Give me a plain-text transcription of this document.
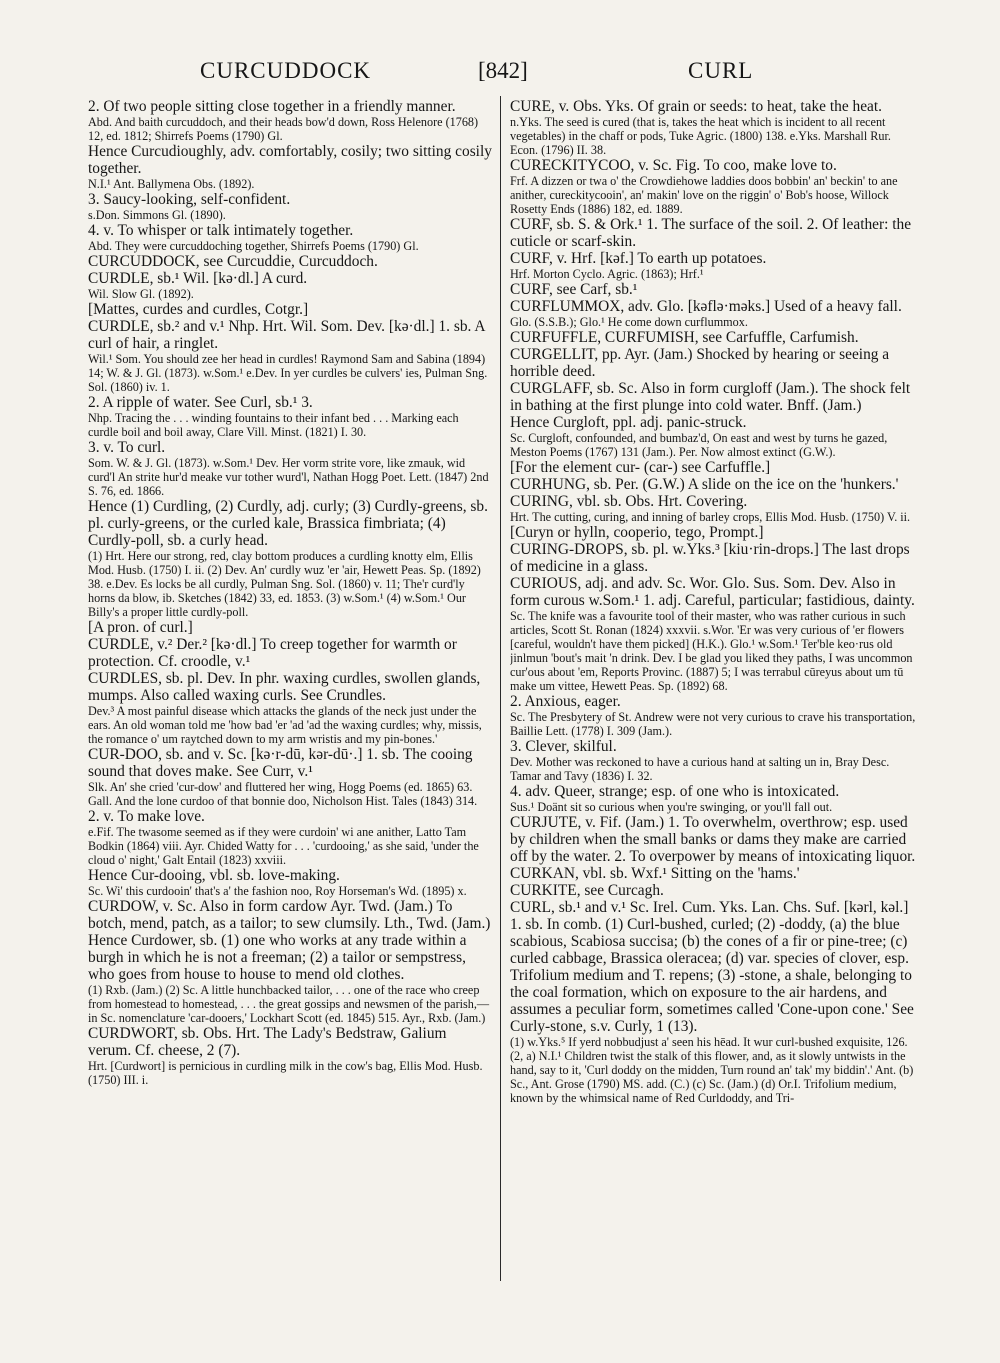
CURCUDDOCK	[842]	CURL

2. Of two people sitting close together in a friendly manner.

Abd. And baith curcuddoch, and their heads bow'd down, Ross Helenore (1768) 12, ed. 1812; Shirrefs Poems (1790) Gl.

Hence Curcudioughly, adv. comfortably, cosily; two sitting cosily together.

N.I.¹ Ant. Ballymena Obs. (1892).

3. Saucy-looking, self-confident.

s.Don. Simmons Gl. (1890).

4. v. To whisper or talk intimately together.

Abd. They were curcuddoching together, Shirrefs Poems (1790) Gl.

CURCUDDOCK, see Curcuddie, Curcuddoch.

CURDLE, sb.¹ Wil. [kə·dl.] A curd.

Wil. Slow Gl. (1892).

[Mattes, curdes and curdles, Cotgr.]

CURDLE, sb.² and v.¹ Nhp. Hrt. Wil. Som. Dev. [kə·dl.] 1. sb. A curl of hair, a ringlet.

Wil.¹ Som. You should zee her head in curdles! Raymond Sam and Sabina (1894) 14; W. & J. Gl. (1873). w.Som.¹ e.Dev. In yer curdles be culvers' ies, Pulman Sng. Sol. (1860) iv. 1.

2. A ripple of water. See Curl, sb.¹ 3.

Nhp. Tracing the . . . winding fountains to their infant bed . . . Marking each curdle boil and boil away, Clare Vill. Minst. (1821) I. 30.

3. v. To curl.

Som. W. & J. Gl. (1873). w.Som.¹ Dev. Her vorm strite vore, like zmauk, wid curd'l An strite hur'd meake vur tother wurd'l, Nathan Hogg Poet. Lett. (1847) 2nd S. 76, ed. 1866.

Hence (1) Curdling, (2) Curdly, adj. curly; (3) Curdly-greens, sb. pl. curly-greens, or the curled kale, Brassica fimbriata; (4) Curdly-poll, sb. a curly head.

(1) Hrt. Here our strong, red, clay bottom produces a curdling knotty elm, Ellis Mod. Husb. (1750) I. ii. (2) Dev. An' curdly wuz 'er 'air, Hewett Peas. Sp. (1892) 38. e.Dev. Es locks be all curdly, Pulman Sng. Sol. (1860) v. 11; The'r curd'ly horns da blow, ib. Sketches (1842) 33, ed. 1853. (3) w.Som.¹ (4) w.Som.¹ Our Billy's a proper little curdly-poll.

[A pron. of curl.]

CURDLE, v.² Der.² [kə·dl.] To creep together for warmth or protection. Cf. croodle, v.¹

CURDLES, sb. pl. Dev. In phr. waxing curdles, swollen glands, mumps. Also called waxing curls. See Crundles.

Dev.³ A most painful disease which attacks the glands of the neck just under the ears. An old woman told me 'how bad 'er 'ad 'ad the waxing curdles; why, missis, the romance o' um raytched down to my arm wristis and my pin-bones.'

CUR-DOO, sb. and v. Sc. [kə·r-dū, kər-dū·.] 1. sb. The cooing sound that doves make. See Curr, v.¹

Slk. An' she cried 'cur-dow' and fluttered her wing, Hogg Poems (ed. 1865) 63. Gall. And the lone curdoo of that bonnie doo, Nicholson Hist. Tales (1843) 314.

2. v. To make love.

e.Fif. The twasome seemed as if they were curdoin' wi ane anither, Latto Tam Bodkin (1864) viii. Ayr. Chided Watty for . . . 'curdooing,' as she said, 'under the cloud o' night,' Galt Entail (1823) xxviii.

Hence Cur-dooing, vbl. sb. love-making.

Sc. Wi' this curdooin' that's a' the fashion noo, Roy Horseman's Wd. (1895) x.

CURDOW, v. Sc. Also in form cardow Ayr. Twd. (Jam.) To botch, mend, patch, as a tailor; to sew clumsily. Lth., Twd. (Jam.)

Hence Curdower, sb. (1) one who works at any trade within a burgh in which he is not a freeman; (2) a tailor or sempstress, who goes from house to house to mend old clothes.

(1) Rxb. (Jam.) (2) Sc. A little hunchbacked tailor, . . . one of the race who creep from homestead to homestead, . . . the great gossips and newsmen of the parish,—in Sc. nomenclature 'car-dooers,' Lockhart Scott (ed. 1845) 515. Ayr., Rxb. (Jam.)

CURDWORT, sb. Obs. Hrt. The Lady's Bedstraw, Galium verum. Cf. cheese, 2 (7).

Hrt. [Curdwort] is pernicious in curdling milk in the cow's bag, Ellis Mod. Husb. (1750) III. i.

CURE, v. Obs. Yks. Of grain or seeds: to heat, take the heat.

n.Yks. The seed is cured (that is, takes the heat which is incident to all recent vegetables) in the chaff or pods, Tuke Agric. (1800) 138. e.Yks. Marshall Rur. Econ. (1796) II. 38.

CURECKITYCOO, v. Sc. Fig. To coo, make love to.

Frf. A dizzen or twa o' the Crowdiehowe laddies doos bobbin' an' beckin' to ane anither, cureckitycooin', an' makin' love on the riggin' o' Bob's hoose, Willock Rosetty Ends (1886) 182, ed. 1889.

CURF, sb. S. & Ork.¹ 1. The surface of the soil. 2. Of leather: the cuticle or scarf-skin.

CURF, v. Hrf. [kəf.] To earth up potatoes.

Hrf. Morton Cyclo. Agric. (1863); Hrf.¹

CURF, see Carf, sb.¹

CURFLUMMOX, adv. Glo. [kəflə·məks.] Used of a heavy fall.

Glo. (S.S.B.); Glo.¹ He come down curflummox.

CURFUFFLE, CURFUMISH, see Carfuffle, Carfumish.

CURGELLIT, pp. Ayr. (Jam.) Shocked by hearing or seeing a horrible deed.

CURGLAFF, sb. Sc. Also in form curgloff (Jam.). The shock felt in bathing at the first plunge into cold water. Bnff. (Jam.)

Hence Curgloft, ppl. adj. panic-struck.

Sc. Curgloft, confounded, and bumbaz'd, On east and west by turns he gazed, Meston Poems (1767) 131 (Jam.). Per. Now almost extinct (G.W.).

[For the element cur- (car-) see Carfuffle.]

CURHUNG, sb. Per. (G.W.) A slide on the ice on the 'hunkers.'

CURING, vbl. sb. Obs. Hrt. Covering.

Hrt. The cutting, curing, and inning of barley crops, Ellis Mod. Husb. (1750) V. ii.

[Curyn or hylln, cooperio, tego, Prompt.]

CURING-DROPS, sb. pl. w.Yks.³ [kiu·rin-drops.] The last drops of medicine in a glass.

CURIOUS, adj. and adv. Sc. Wor. Glo. Sus. Som. Dev. Also in form curous w.Som.¹ 1. adj. Careful, particular; fastidious, dainty.

Sc. The knife was a favourite tool of their master, who was rather curious in such articles, Scott St. Ronan (1824) xxxvii. s.Wor. 'Er was very curious of 'er flowers [careful, wouldn't have them picked] (H.K.). Glo.¹ w.Som.¹ Ter'ble keo·rus old jinlmun 'bout's mait 'n drink. Dev. I be glad you liked they paths, I was uncommon cur'ous about 'em, Reports Provinc. (1887) 5; I was terrabul cūreyus about um tū make um vittee, Hewett Peas. Sp. (1892) 68.

2. Anxious, eager.

Sc. The Presbytery of St. Andrew were not very curious to crave his transportation, Baillie Lett. (1778) I. 309 (Jam.).

3. Clever, skilful.

Dev. Mother was reckoned to have a curious hand at salting un in, Bray Desc. Tamar and Tavy (1836) I. 32.

4. adv. Queer, strange; esp. of one who is intoxicated.

Sus.¹ Doänt sit so curious when you're swinging, or you'll fall out.

CURJUTE, v. Fif. (Jam.) 1. To overwhelm, overthrow; esp. used by children when the small banks or dams they make are carried off by the water. 2. To overpower by means of intoxicating liquor.

CURKAN, vbl. sb. Wxf.¹ Sitting on the 'hams.'

CURKITE, see Curcagh.

CURL, sb.¹ and v.¹ Sc. Irel. Cum. Yks. Lan. Chs. Suf. [kərl, kəl.] 1. sb. In comb. (1) Curl-bushed, curled; (2) -doddy, (a) the blue scabious, Scabiosa succisa; (b) the cones of a fir or pine-tree; (c) curled cabbage, Brassica oleracea; (d) var. species of clover, esp. Trifolium medium and T. repens; (3) -stone, a shale, belonging to the coal formation, which on exposure to the air hardens, and assumes a peculiar form, sometimes called 'Cone-upon cone.' See Curly-stone, s.v. Curly, 1 (13).

(1) w.Yks.⁵ If yerd nobbudjust a' seen his hēad. It wur curl-bushed exquisite, 126. (2, a) N.I.¹ Children twist the stalk of this flower, and, as it slowly untwists in the hand, say to it, 'Curl doddy on the midden, Turn round an' tak' my biddin'.' Ant. (b) Sc., Ant. Grose (1790) MS. add. (C.) (c) Sc. (Jam.) (d) Or.I. Trifolium medium, known by the whimsical name of Red Curldoddy, and Tri-
